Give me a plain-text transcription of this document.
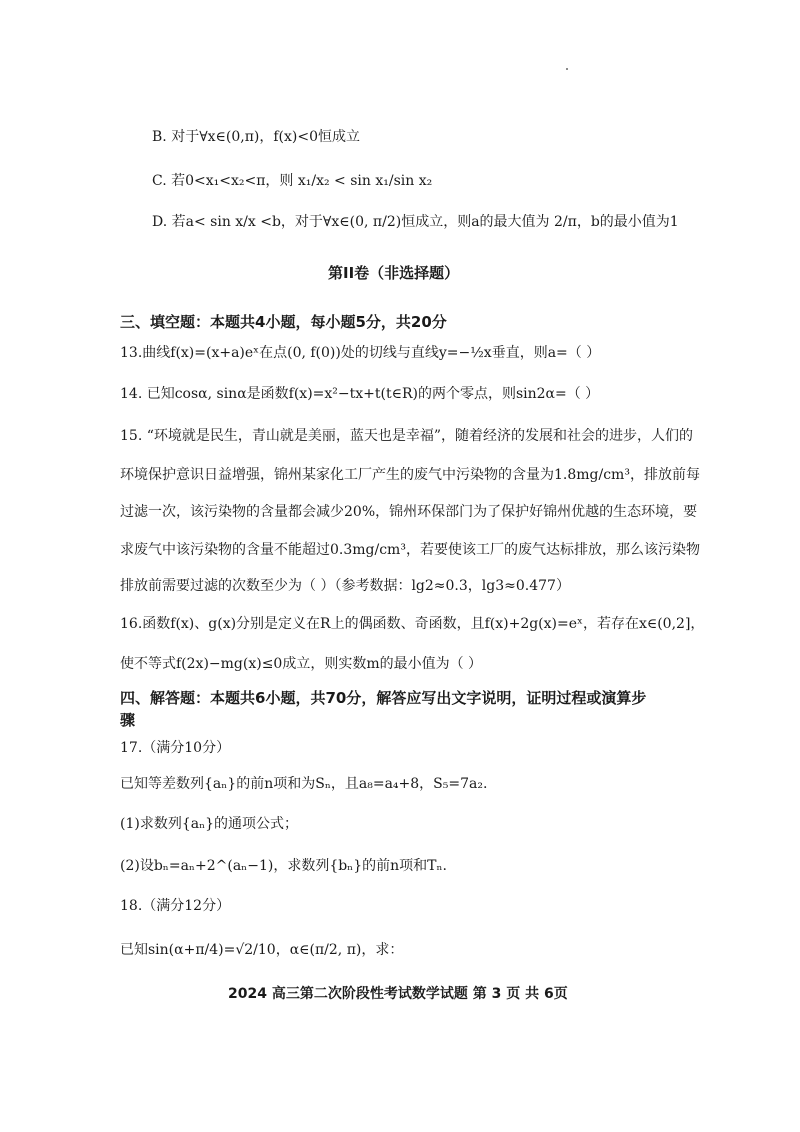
B. 对于∀x∈(0,π)，f(x)<0恒成立
C. 若0<x₁<x₂<π，则 x₁/x₂ < sin x₁/sin x₂
D. 若a< sin x/x <b，对于∀x∈(0, π/2)恒成立，则a的最大值为 2/π，b的最小值为1
第II卷（非选择题）
三、填空题：本题共4小题，每小题5分，共20分
13.曲线f(x)=(x+a)eˣ在点(0, f(0))处的切线与直线y=−½x垂直，则a=（ ）
14. 已知cosα, sinα是函数f(x)=x²−tx+t(t∈R)的两个零点，则sin2α=（ ）
15. “环境就是民生，青山就是美丽，蓝天也是幸福”，随着经济的发展和社会的进步，人们的
环境保护意识日益增强，锦州某家化工厂产生的废气中污染物的含量为1.8mg/cm³，排放前每
过滤一次，该污染物的含量都会减少20%，锦州环保部门为了保护好锦州优越的生态环境，要
求废气中该污染物的含量不能超过0.3mg/cm³，若要使该工厂的废气达标排放，那么该污染物
排放前需要过滤的次数至少为（ ）（参考数据：lg2≈0.3，lg3≈0.477）
16.函数f(x)、g(x)分别是定义在R上的偶函数、奇函数，且f(x)+2g(x)=eˣ，若存在x∈(0,2]，
使不等式f(2x)−mg(x)≤0成立，则实数m的最小值为（ ）
四、解答题：本题共6小题，共70分，解答应写出文字说明，证明过程或演算步
骤
17.（满分10分）
已知等差数列{aₙ}的前n项和为Sₙ，且a₈=a₄+8，S₅=7a₂.
(1)求数列{aₙ}的通项公式；
(2)设bₙ=aₙ+2^(aₙ−1)，求数列{bₙ}的前n项和Tₙ.
18.（满分12分）
已知sin(α+π/4)=√2/10，α∈(π/2, π)，求：
2024 高三第二次阶段性考试数学试题 第 3 页 共 6页
